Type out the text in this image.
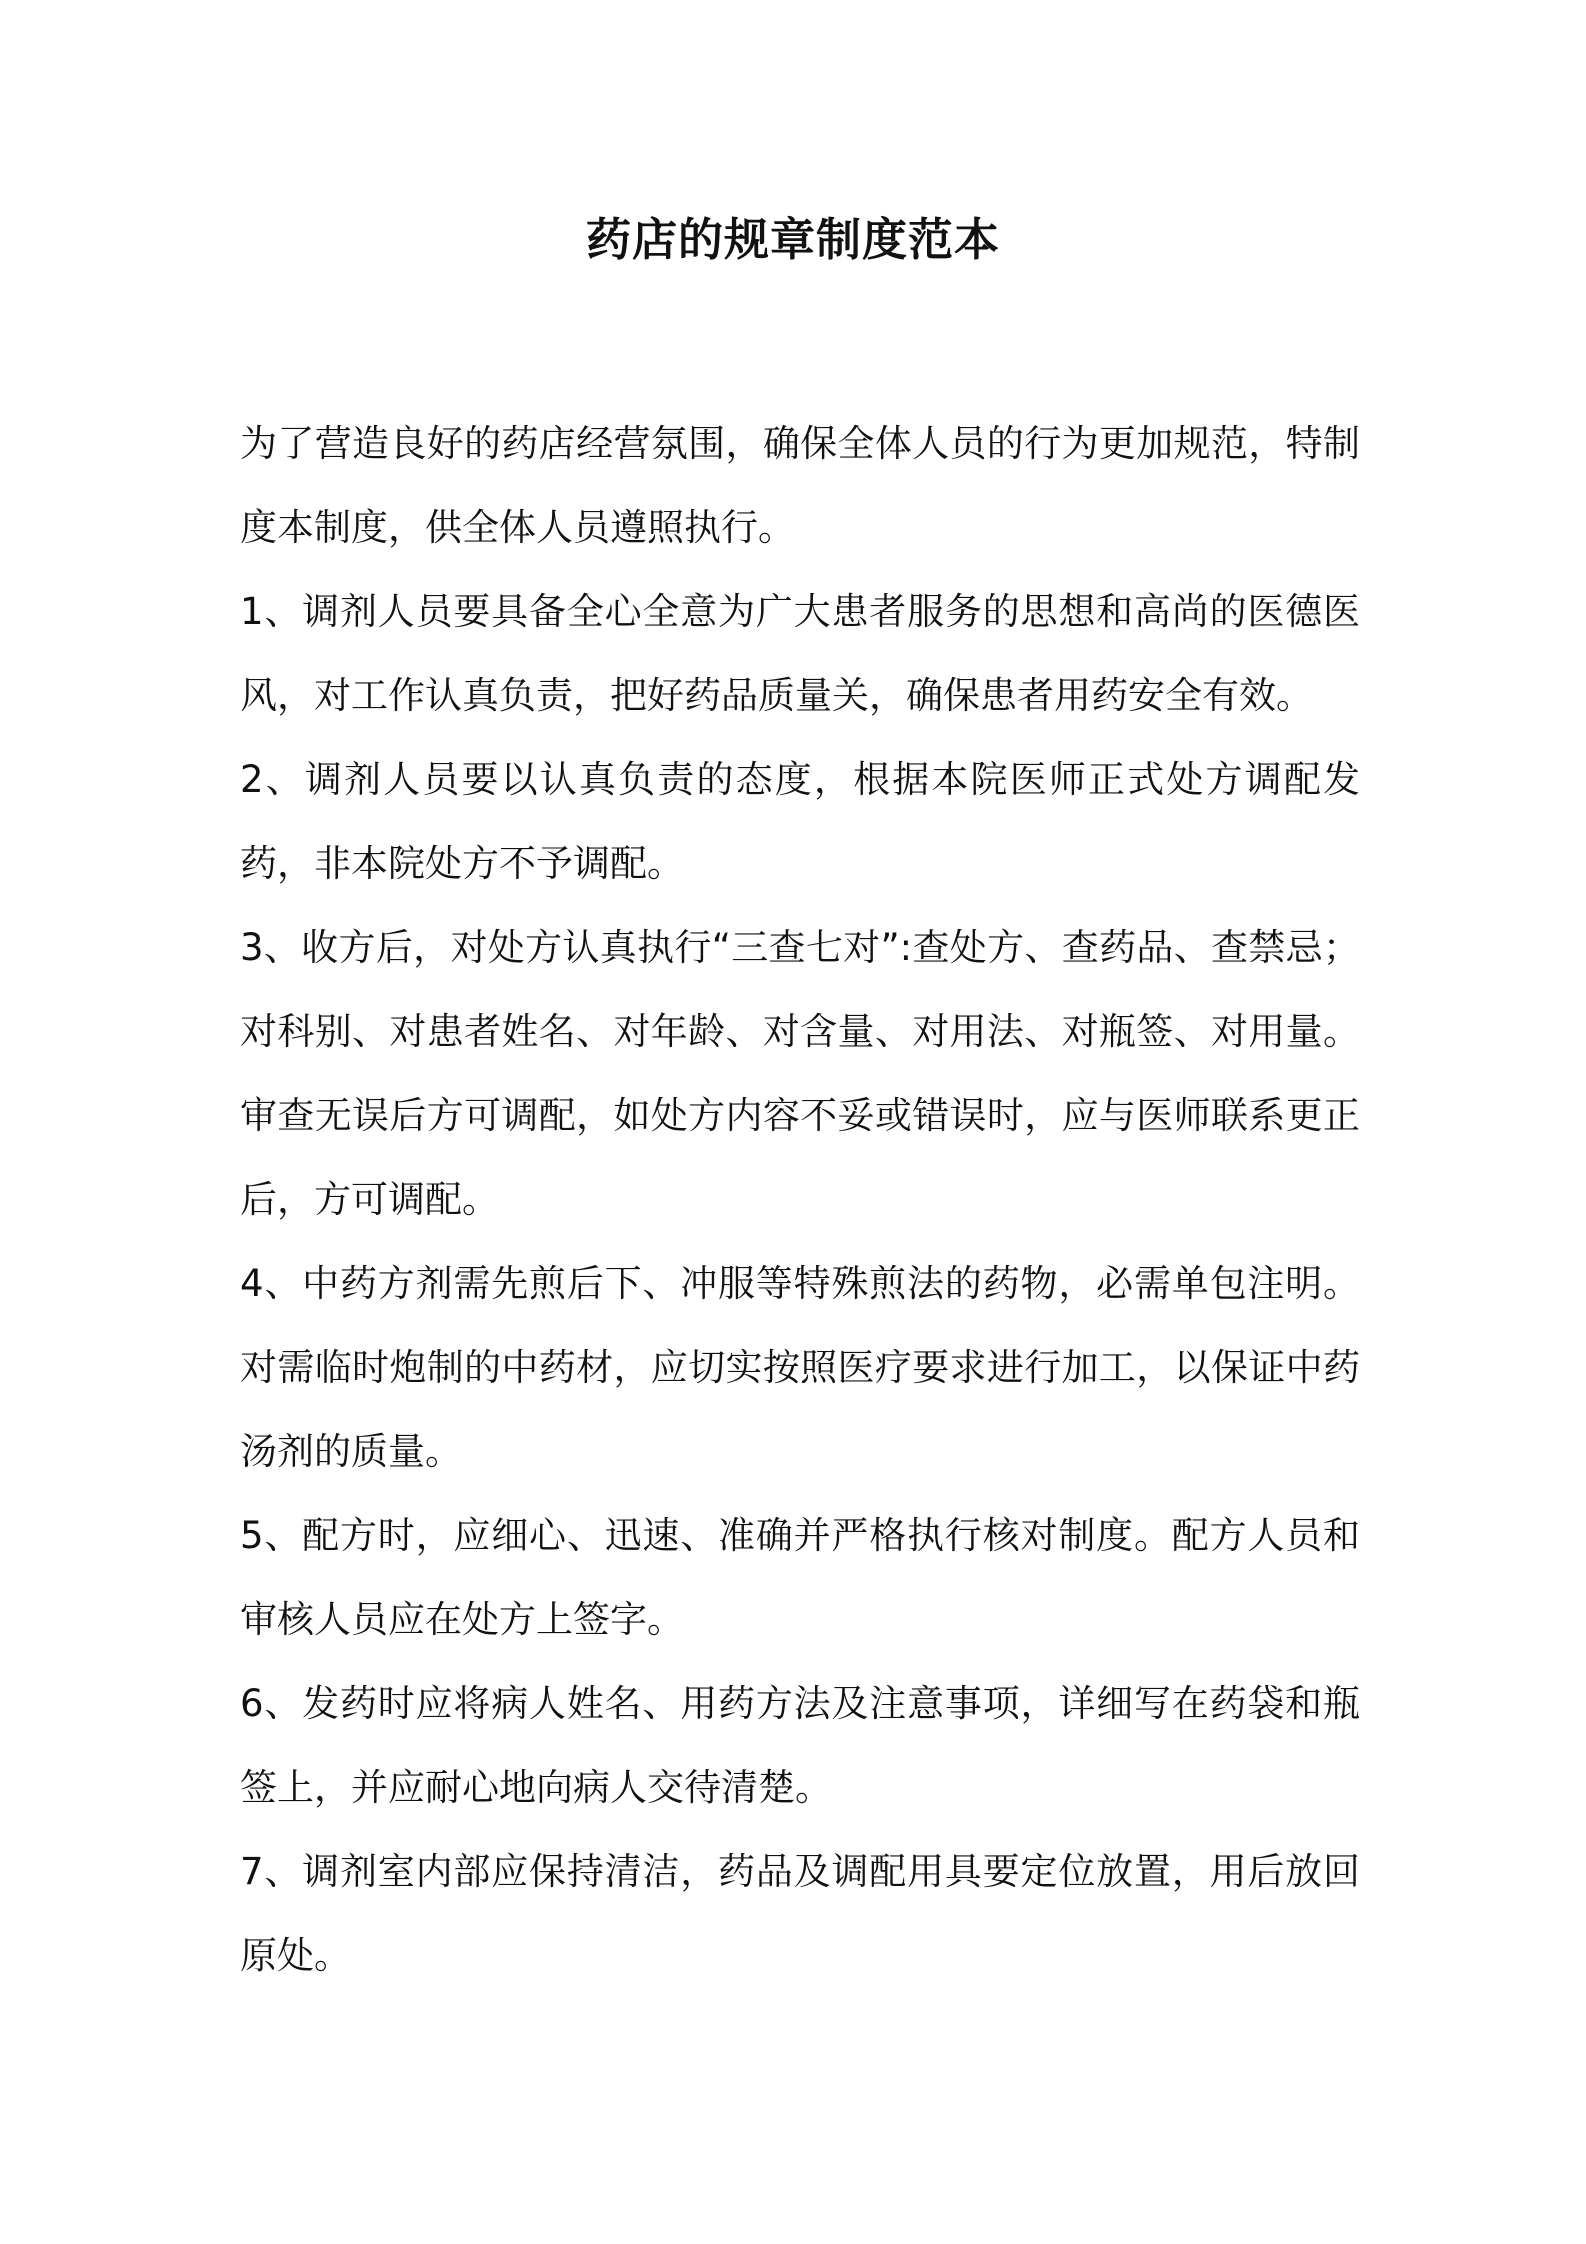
药店的规章制度范本

为了营造良好的药店经营氛围，确保全体人员的行为更加规范，特制度本制度，供全体人员遵照执行。

1、调剂人员要具备全心全意为广大患者服务的思想和高尚的医德医风，对工作认真负责，把好药品质量关，确保患者用药安全有效。

2、调剂人员要以认真负责的态度，根据本院医师正式处方调配发药，非本院处方不予调配。

3、收方后，对处方认真执行“三查七对”:查处方、查药品、查禁忌；对科别、对患者姓名、对年龄、对含量、对用法、对瓶签、对用量。审查无误后方可调配，如处方内容不妥或错误时，应与医师联系更正后，方可调配。

4、中药方剂需先煎后下、冲服等特殊煎法的药物，必需单包注明。对需临时炮制的中药材，应切实按照医疗要求进行加工，以保证中药汤剂的质量。

5、配方时，应细心、迅速、准确并严格执行核对制度。配方人员和审核人员应在处方上签字。

6、发药时应将病人姓名、用药方法及注意事项，详细写在药袋和瓶签上，并应耐心地向病人交待清楚。

7、调剂室内部应保持清洁，药品及调配用具要定位放置，用后放回原处。
